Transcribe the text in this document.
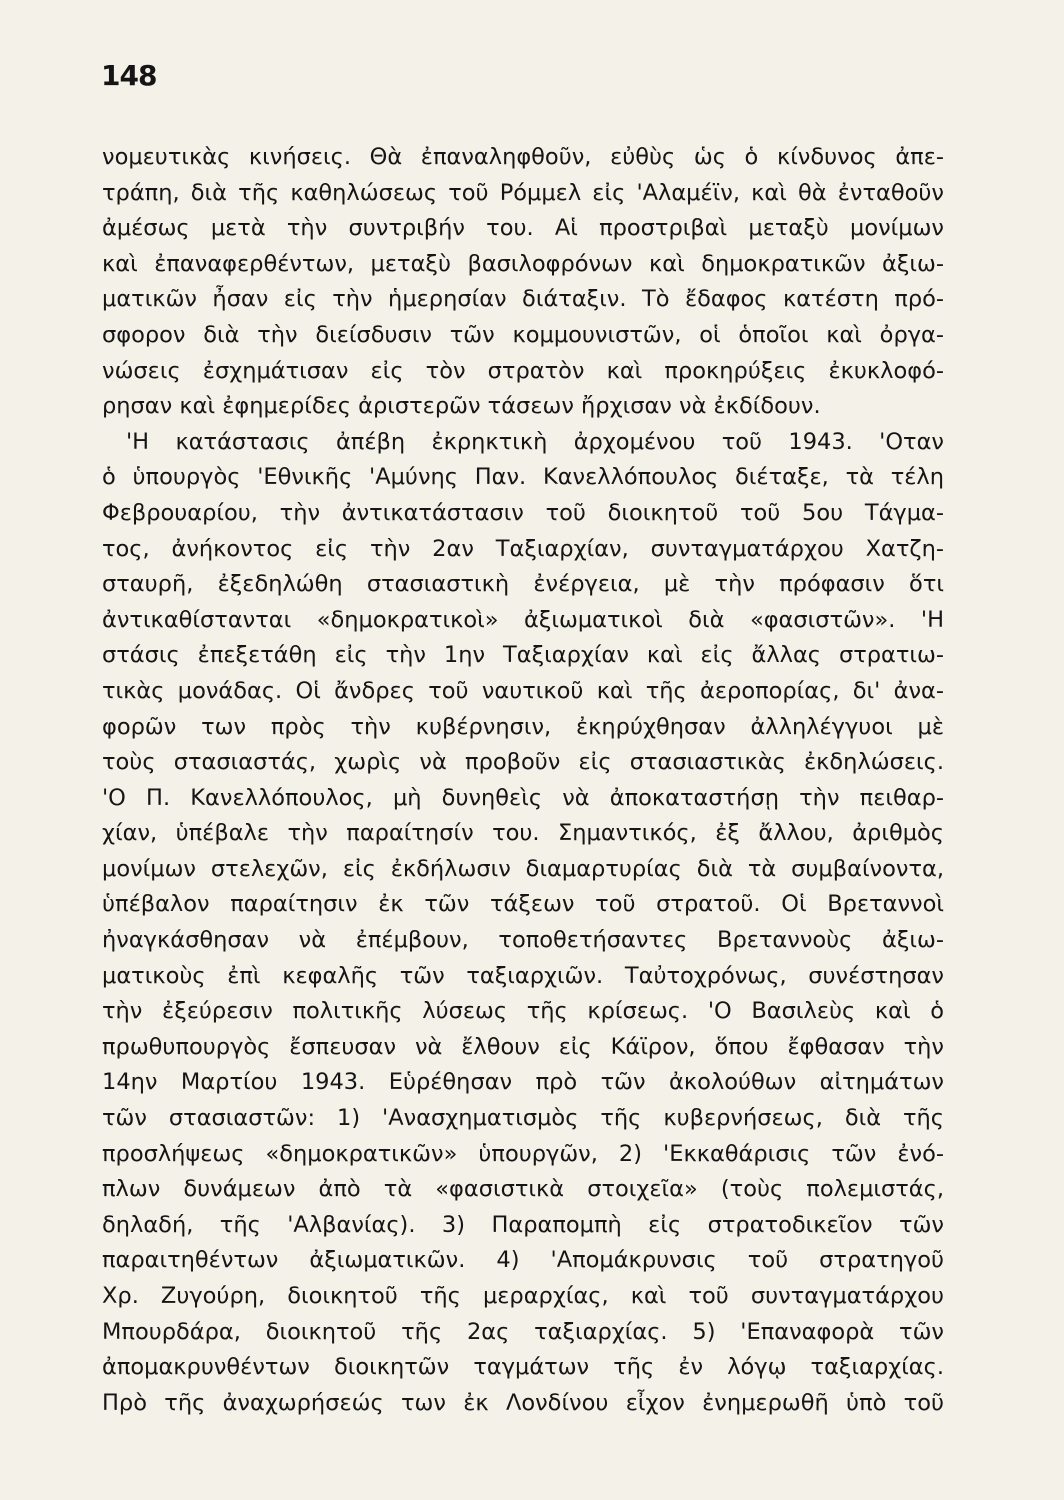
148
νομευτικὰς κινήσεις. Θὰ ἐπαναληφθοῦν, εὐθὺς ὡς ὁ κίνδυνος ἀπε-
τράπη, διὰ τῆς καθηλώσεως τοῦ Ρόμμελ εἰς 'Αλαμέϊν, καὶ θὰ ἐνταθοῦν
ἀμέσως μετὰ τὴν συντριβήν του. Αἱ προστριβαὶ μεταξὺ μονίμων
καὶ ἐπαναφερθέντων, μεταξὺ βασιλοφρόνων καὶ δημοκρατικῶν ἀξιω-
ματικῶν ἦσαν εἰς τὴν ἡμερησίαν διάταξιν. Τὸ ἔδαφος κατέστη πρό-
σφορον διὰ τὴν διείσδυσιν τῶν κομμουνιστῶν, οἱ ὁποῖοι καὶ ὀργα-
νώσεις ἐσχημάτισαν εἰς τὸν στρατὸν καὶ προκηρύξεις ἐκυκλοφό-
ρησαν καὶ ἐφημερίδες ἀριστερῶν τάσεων ἤρχισαν νὰ ἐκδίδουν.
'Η κατάστασις ἀπέβη ἐκρηκτικὴ ἀρχομένου τοῦ 1943. 'Οταν
ὁ ὑπουργὸς 'Εθνικῆς 'Αμύνης Παν. Κανελλόπουλος διέταξε, τὰ τέλη
Φεβρουαρίου, τὴν ἀντικατάστασιν τοῦ διοικητοῦ τοῦ 5ου Τάγμα-
τος, ἀνήκοντος εἰς τὴν 2αν Ταξιαρχίαν, συνταγματάρχου Χατζη-
σταυρῆ, ἐξεδηλώθη στασιαστικὴ ἐνέργεια, μὲ τὴν πρόφασιν ὅτι
ἀντικαθίστανται «δημοκρατικοὶ» ἀξιωματικοὶ διὰ «φασιστῶν». 'Η
στάσις ἐπεξετάθη εἰς τὴν 1ην Ταξιαρχίαν καὶ εἰς ἄλλας στρατιω-
τικὰς μονάδας. Οἱ ἄνδρες τοῦ ναυτικοῦ καὶ τῆς ἀεροπορίας, δι' ἀνα-
φορῶν των πρὸς τὴν κυβέρνησιν, ἐκηρύχθησαν ἀλληλέγγυοι μὲ
τοὺς στασιαστάς, χωρὶς νὰ προβοῦν εἰς στασιαστικὰς ἐκδηλώσεις.
'Ο Π. Κανελλόπουλος, μὴ δυνηθεὶς νὰ ἀποκαταστήσῃ τὴν πειθαρ-
χίαν, ὑπέβαλε τὴν παραίτησίν του. Σημαντικός, ἐξ ἄλλου, ἀριθμὸς
μονίμων στελεχῶν, εἰς ἐκδήλωσιν διαμαρτυρίας διὰ τὰ συμβαίνοντα,
ὑπέβαλον παραίτησιν ἐκ τῶν τάξεων τοῦ στρατοῦ. Οἱ Βρεταννοὶ
ἠναγκάσθησαν νὰ ἐπέμβουν, τοποθετήσαντες Βρεταννοὺς ἀξιω-
ματικοὺς ἐπὶ κεφαλῆς τῶν ταξιαρχιῶν. Ταὐτοχρόνως, συνέστησαν
τὴν ἐξεύρεσιν πολιτικῆς λύσεως τῆς κρίσεως. 'Ο Βασιλεὺς καὶ ὁ
πρωθυπουργὸς ἔσπευσαν νὰ ἔλθουν εἰς Κάϊρον, ὅπου ἔφθασαν τὴν
14ην Μαρτίου 1943. Εὑρέθησαν πρὸ τῶν ἀκολούθων αἰτημάτων
τῶν στασιαστῶν: 1) 'Ανασχηματισμὸς τῆς κυβερνήσεως, διὰ τῆς
προσλήψεως «δημοκρατικῶν» ὑπουργῶν, 2) 'Εκκαθάρισις τῶν ἐνό-
πλων δυνάμεων ἀπὸ τὰ «φασιστικὰ στοιχεῖα» (τοὺς πολεμιστάς,
δηλαδή, τῆς 'Αλβανίας). 3) Παραπομπὴ εἰς στρατοδικεῖον τῶν
παραιτηθέντων ἀξιωματικῶν. 4) 'Απομάκρυνσις τοῦ στρατηγοῦ
Χρ. Ζυγούρη, διοικητοῦ τῆς μεραρχίας, καὶ τοῦ συνταγματάρχου
Μπουρδάρα, διοικητοῦ τῆς 2ας ταξιαρχίας. 5) 'Επαναφορὰ τῶν
ἀπομακρυνθέντων διοικητῶν ταγμάτων τῆς ἐν λόγῳ ταξιαρχίας.
Πρὸ τῆς ἀναχωρήσεώς των ἐκ Λονδίνου εἶχον ἐνημερωθῆ ὑπὸ τοῦ
